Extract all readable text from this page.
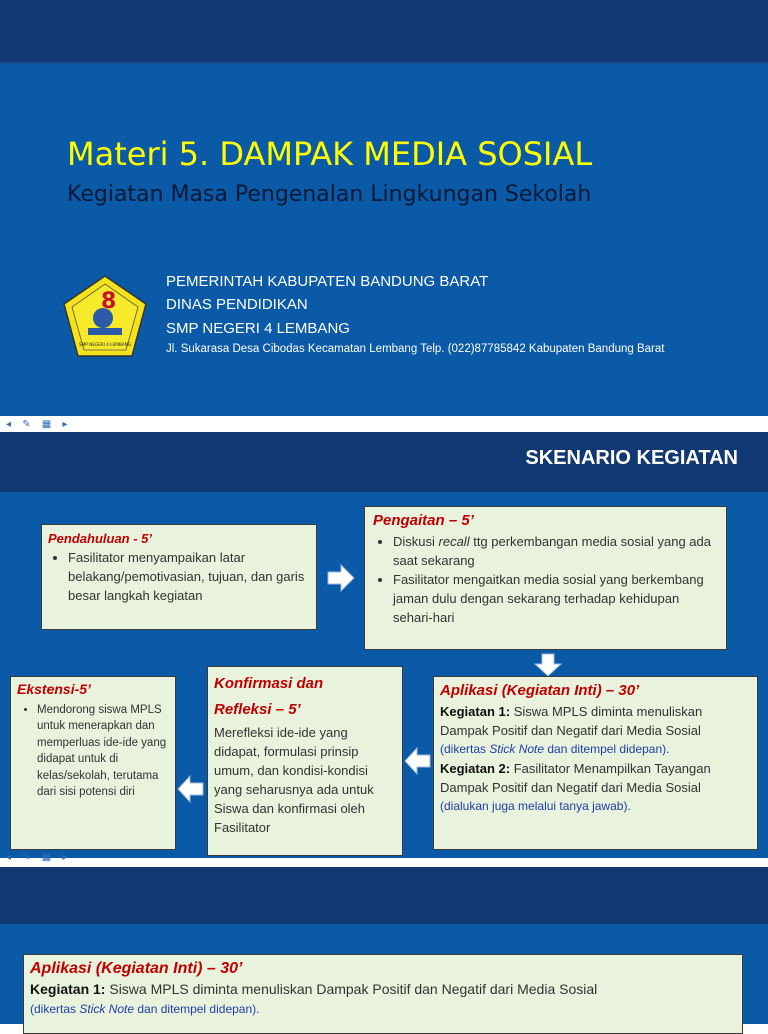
Materi 5. DAMPAK MEDIA SOSIAL
Kegiatan Masa Pengenalan Lingkungan Sekolah
8
SMP NEGERI 4 LEMBANG
PEMERINTAH KABUPATEN BANDUNG BARAT
DINAS PENDIDIKAN
SMP NEGERI 4 LEMBANG
Jl. Sukarasa Desa Cibodas Kecamatan Lembang Telp. (022)87785842 Kabupaten Bandung Barat
◂ ✎ ▦ ▸
SKENARIO KEGIATAN
Pendahuluan - 5’
• Fasilitator menyampaikan latar belakang/pemotivasian, tujuan, dan garis besar langkah kegiatan
Pengaitan – 5’
• Diskusi recall ttg perkembangan media sosial yang ada saat sekarang
• Fasilitator mengaitkan media sosial yang berkembang jaman dulu dengan sekarang terhadap kehidupan sehari-hari
Aplikasi (Kegiatan Inti) – 30’
Kegiatan 1: Siswa MPLS diminta menuliskan Dampak Positif dan Negatif dari Media Sosial
(dikertas Stick Note dan ditempel didepan).
Kegiatan 2: Fasilitator Menampilkan Tayangan Dampak Positif dan Negatif dari Media Sosial
(dialukan juga melalui tanya jawab).
Konfirmasi dan
Refleksi – 5’
Merefleksi ide-ide yang didapat, formulasi prinsip umum, dan kondisi-kondisi yang seharusnya ada untuk Siswa dan konfirmasi oleh Fasilitator
Ekstensi-5’
• Mendorong siswa MPLS untuk menerapkan dan memperluas ide-ide yang didapat untuk di kelas/sekolah, terutama dari sisi potensi diri
◂ ✎ ▦ ▸
Aplikasi (Kegiatan Inti) – 30’
Kegiatan 1: Siswa MPLS diminta menuliskan Dampak Positif dan Negatif dari Media Sosial
(dikertas Stick Note dan ditempel didepan).
